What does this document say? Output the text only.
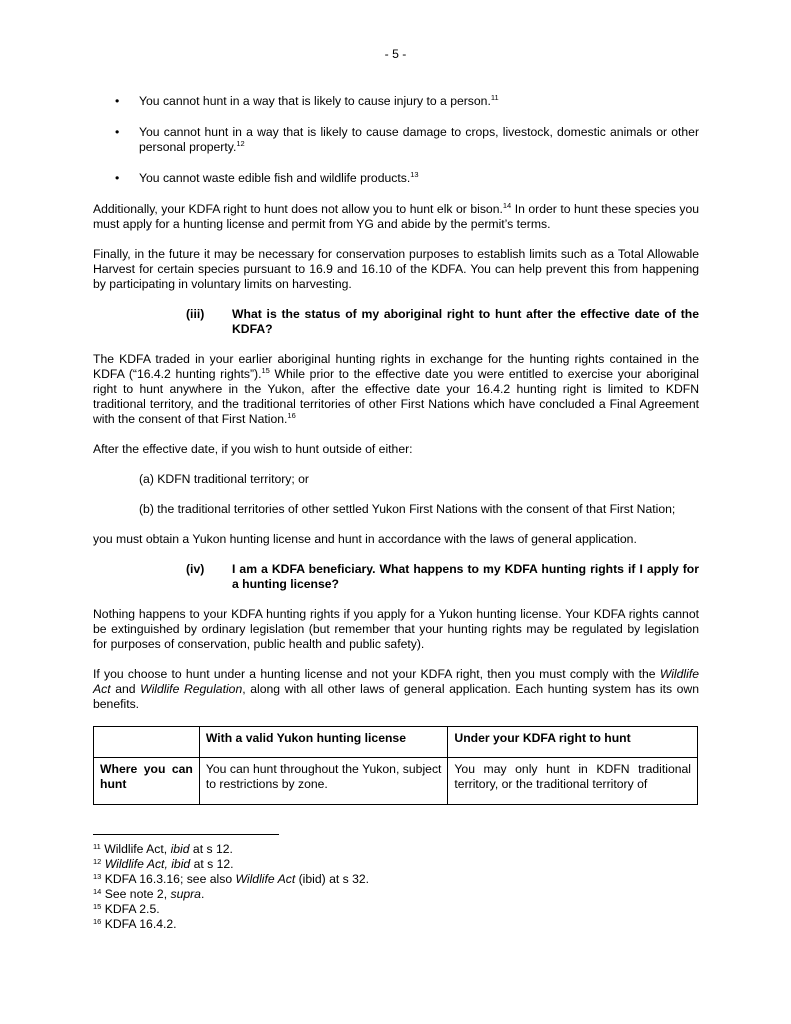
- 5 -
• You cannot hunt in a way that is likely to cause injury to a person.$^{11}$
• You cannot hunt in a way that is likely to cause damage to crops, livestock, domestic animals or other personal property.$^{12}$
• You cannot waste edible fish and wildlife products.$^{13}$

Additionally, your KDFA right to hunt does not allow you to hunt elk or bison.$^{14}$ In order to hunt these species you must apply for a hunting license and permit from YG and abide by the permit’s terms.

Finally, in the future it may be necessary for conservation purposes to establish limits such as a Total Allowable Harvest for certain species pursuant to 16.9 and 16.10 of the KDFA. You can help prevent this from happening by participating in voluntary limits on harvesting.

(iii) What is the status of my aboriginal right to hunt after the effective date of the KDFA?

The KDFA traded in your earlier aboriginal hunting rights in exchange for the hunting rights contained in the KDFA (“16.4.2 hunting rights”).$^{15}$ While prior to the effective date you were entitled to exercise your aboriginal right to hunt anywhere in the Yukon, after the effective date your 16.4.2 hunting right is limited to KDFN traditional territory, and the traditional territories of other First Nations which have concluded a Final Agreement with the consent of that First Nation.$^{16}$

After the effective date, if you wish to hunt outside of either:

(a) KDFN traditional territory; or

(b) the traditional territories of other settled Yukon First Nations with the consent of that First Nation;

you must obtain a Yukon hunting license and hunt in accordance with the laws of general application.

(iv) I am a KDFA beneficiary. What happens to my KDFA hunting rights if I apply for a hunting license?

Nothing happens to your KDFA hunting rights if you apply for a Yukon hunting license. Your KDFA rights cannot be extinguished by ordinary legislation (but remember that your hunting rights may be regulated by legislation for purposes of conservation, public health and public safety).

If you choose to hunt under a hunting license and not your KDFA right, then you must comply with the Wildlife Act and Wildlife Regulation, along with all other laws of general application. Each hunting system has its own benefits.

	With a valid Yukon hunting license	Under your KDFA right to hunt
Where you can hunt	You can hunt throughout the Yukon, subject to restrictions by zone.	You may only hunt in KDFN traditional territory, or the traditional territory of
$^{11}$ Wildlife Act, ibid at s 12.
$^{12}$ Wildlife Act, ibid at s 12.
$^{13}$ KDFA 16.3.16; see also Wildlife Act (ibid) at s 32.
$^{14}$ See note 2, supra.
$^{15}$ KDFA 2.5.
$^{16}$ KDFA 16.4.2.
